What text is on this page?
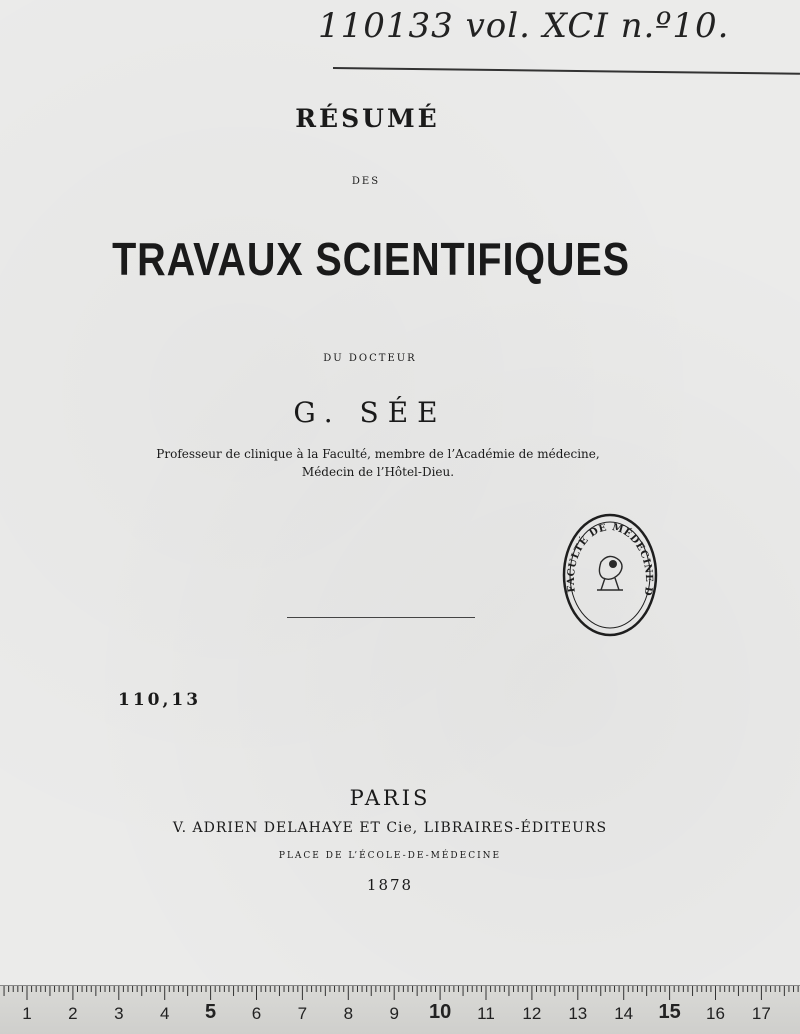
110133 vol. XCI n.º10.
RÉSUMÉ
DES
TRAVAUX SCIENTIFIQUES
DU DOCTEUR
G. SÉE
Professeur de clinique à la Faculté, membre de l’Académie de médecine,
Médecin de l’Hôtel-Dieu.
FACULTÉ DE MÉDECINE D
110,13
PARIS
V. ADRIEN DELAHAYE ET Cie, LIBRAIRES-ÉDITEURS
PLACE DE L’ÉCOLE-DE-MÉDECINE
1878
1 2 3 4 5 6 7 8 9 10 11 12 13 14 15 16 17
